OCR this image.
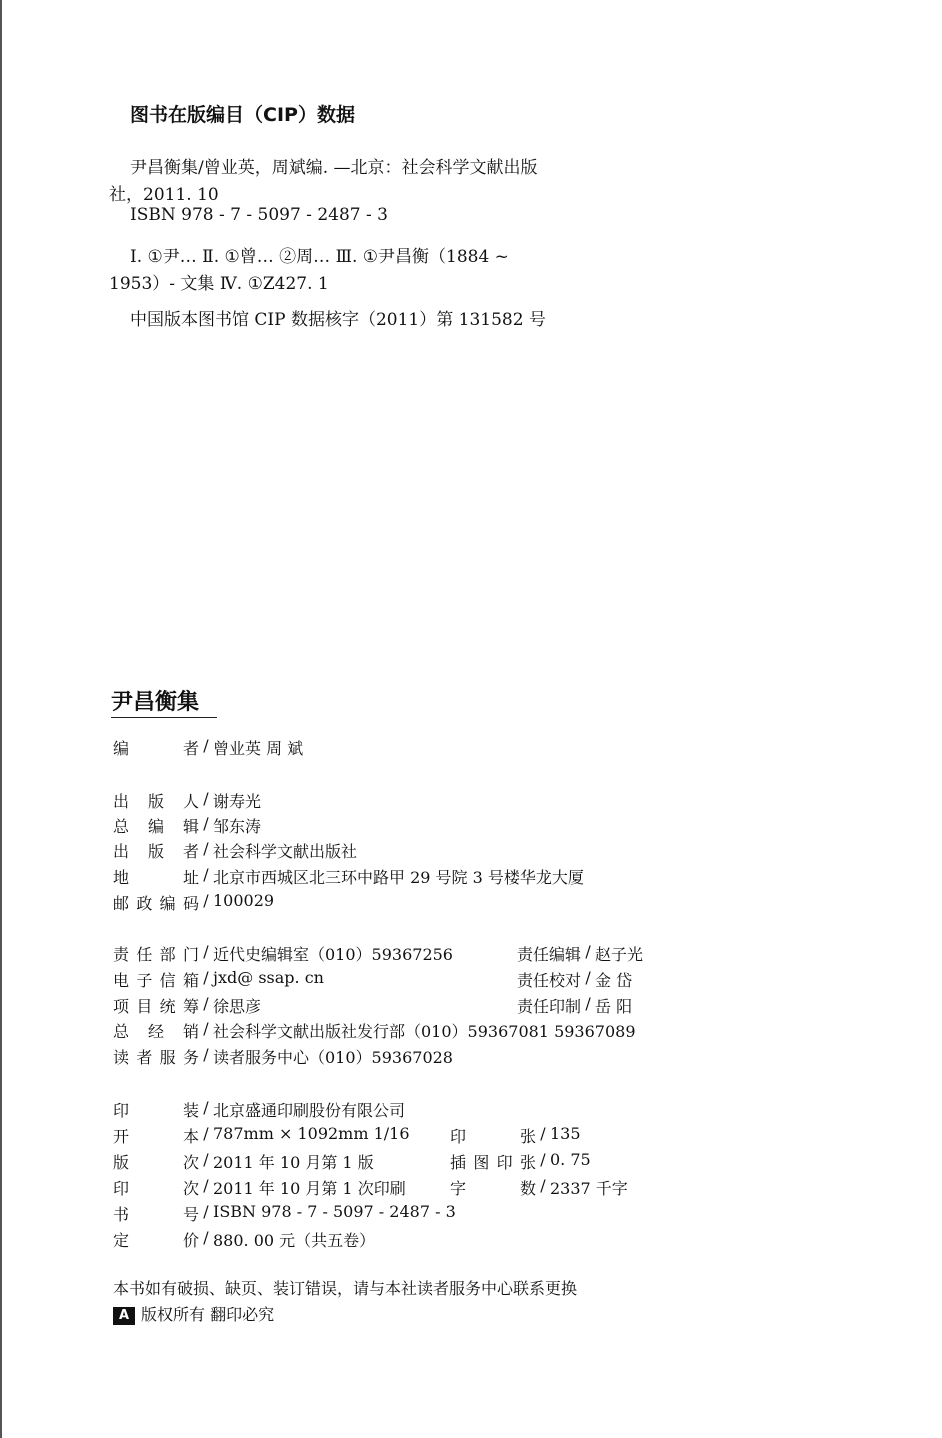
图书在版编目（CIP）数据
尹昌衡集/曾业英，周斌编. —北京：社会科学文献出版
社，2011. 10
ISBN 978 - 7 - 5097 - 2487 - 3
Ⅰ. ①尹… Ⅱ. ①曾… ②周… Ⅲ. ①尹昌衡（1884 ~
1953）- 文集 Ⅳ. ①Z427. 1
中国版本图书馆 CIP 数据核字（2011）第 131582 号
尹昌衡集
编	者 / 曾业英 周 斌
出 版 人 / 谢寿光
总 编 辑 / 邹东涛
出 版 者 / 社会科学文献出版社
地	址 / 北京市西城区北三环中路甲 29 号院 3 号楼华龙大厦
邮 政 编 码 / 100029
责 任 部 门 / 近代史编辑室（010）59367256	责任编辑 / 赵子光
电 子 信 箱 / jxd@ ssap. cn	责任校对 / 金 岱
项 目 统 筹 / 徐思彦	责任印制 / 岳 阳
总 经 销 / 社会科学文献出版社发行部（010）59367081 59367089
读 者 服 务 / 读者服务中心（010）59367028
印	装 / 北京盛通印刷股份有限公司
开	本 / 787mm × 1092mm 1/16	印	张 / 135
版	次 / 2011 年 10 月第 1 版	插 图 印 张 / 0. 75
印	次 / 2011 年 10 月第 1 次印刷	字	数 / 2337 千字
书	号 / ISBN 978 - 7 - 5097 - 2487 - 3
定	价 / 880. 00 元（共五卷）
本书如有破损、缺页、装订错误，请与本社读者服务中心联系更换
A 版权所有 翻印必究
